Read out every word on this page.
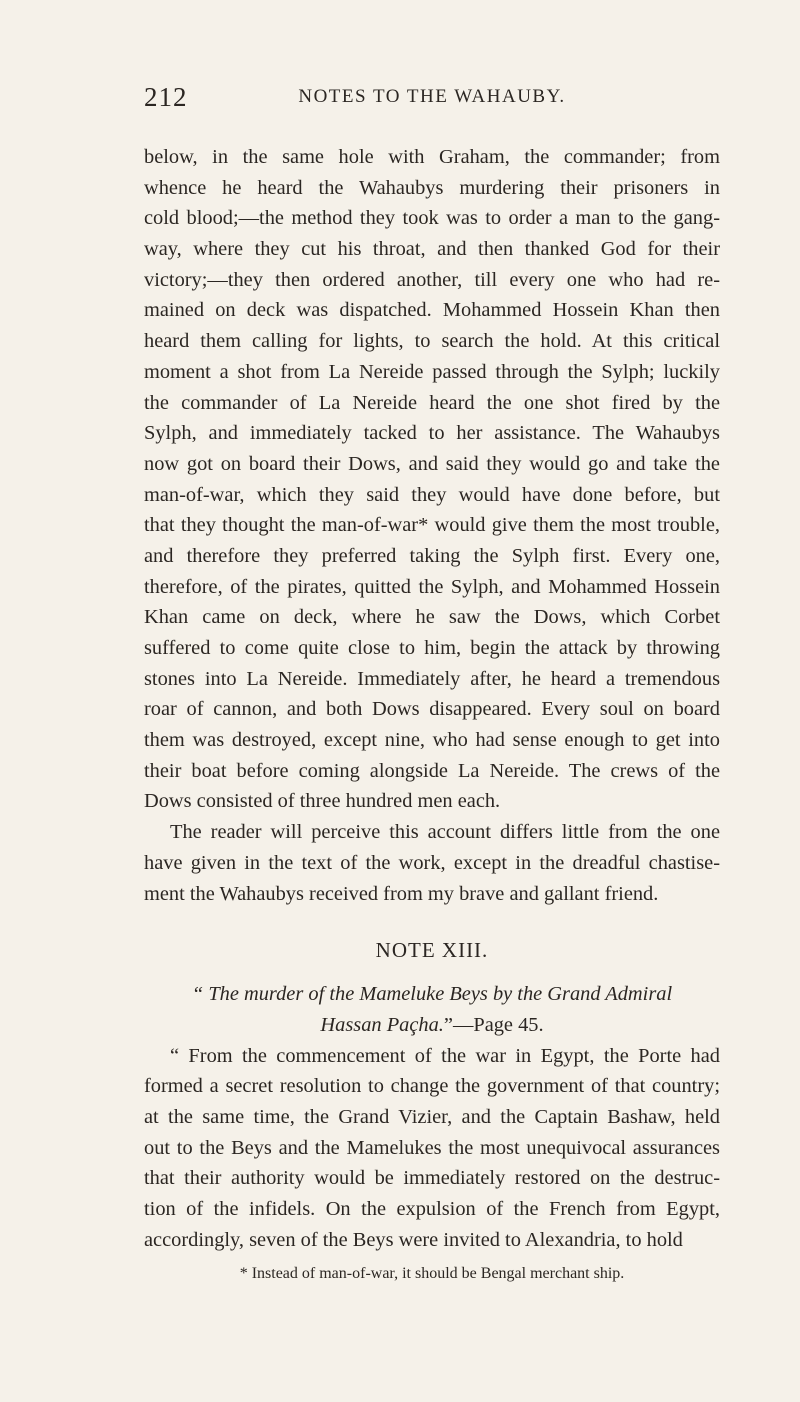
212	NOTES TO THE WAHAUBY.
below, in the same hole with Graham, the commander; from
whence he heard the Wahaubys murdering their prisoners in
cold blood;—the method they took was to order a man to the gang-
way, where they cut his throat, and then thanked God for their
victory;—they then ordered another, till every one who had re-
mained on deck was dispatched. Mohammed Hossein Khan then
heard them calling for lights, to search the hold. At this critical
moment a shot from La Nereide passed through the Sylph; luckily
the commander of La Nereide heard the one shot fired by the
Sylph, and immediately tacked to her assistance. The Wahaubys
now got on board their Dows, and said they would go and take the
man-of-war, which they said they would have done before, but
that they thought the man-of-war* would give them the most trouble,
and therefore they preferred taking the Sylph first. Every one,
therefore, of the pirates, quitted the Sylph, and Mohammed Hossein
Khan came on deck, where he saw the Dows, which Corbet
suffered to come quite close to him, begin the attack by throwing
stones into La Nereide. Immediately after, he heard a tremendous
roar of cannon, and both Dows disappeared. Every soul on board
them was destroyed, except nine, who had sense enough to get into
their boat before coming alongside La Nereide. The crews of the
Dows consisted of three hundred men each.
The reader will perceive this account differs little from the one
have given in the text of the work, except in the dreadful chastise-
ment the Wahaubys received from my brave and gallant friend.
NOTE XIII.
“ The murder of the Mameluke Beys by the Grand Admiral
Hassan Paçha.”—Page 45.
“ From the commencement of the war in Egypt, the Porte had
formed a secret resolution to change the government of that country;
at the same time, the Grand Vizier, and the Captain Bashaw, held
out to the Beys and the Mamelukes the most unequivocal assurances
that their authority would be immediately restored on the destruc-
tion of the infidels. On the expulsion of the French from Egypt,
accordingly, seven of the Beys were invited to Alexandria, to hold
* Instead of man-of-war, it should be Bengal merchant ship.
